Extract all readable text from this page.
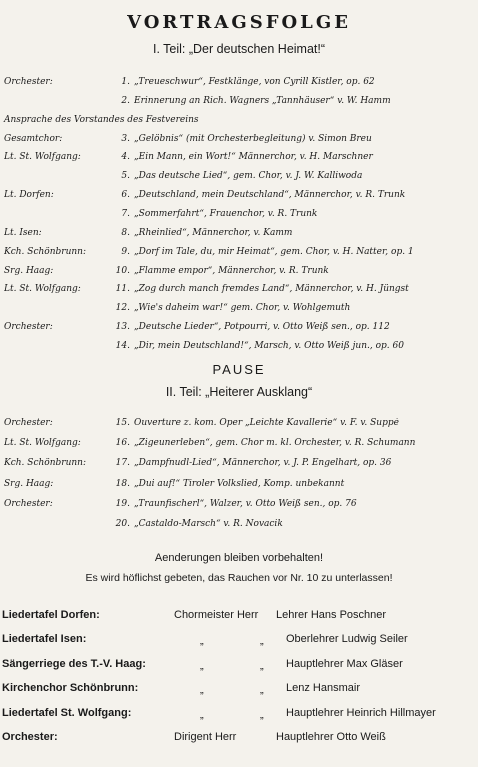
VORTRAGSFOLGE
I. Teil: „Der deutschen Heimat!“
Orchester:	1. „Treueschwur“, Festklänge, von Cyrill Kistler, op. 62
2. Erinnerung an Rich. Wagners „Tannhäuser“ v. W. Hamm
Ansprache des Vorstandes des Festvereins
Gesamtchor:	3. „Gelöbnis“ (mit Orchesterbegleitung) v. Simon Breu
Lt. St. Wolfgang:	4. „Ein Mann, ein Wort!“ Männerchor, v. H. Marschner
5. „Das deutsche Lied“, gem. Chor, v. J. W. Kalliwoda
Lt. Dorfen:	6. „Deutschland, mein Deutschland“, Männerchor, v. R. Trunk
7. „Sommerfahrt“, Frauenchor, v. R. Trunk
Lt. Isen:	8. „Rheinlied“, Männerchor, v. Kamm
Kch. Schönbrunn:	9. „Dorf im Tale, du, mir Heimat“, gem. Chor, v. H. Natter, op. 1
Srg. Haag:	10. „Flamme empor“, Männerchor, v. R. Trunk
Lt. St. Wolfgang:	11. „Zog durch manch fremdes Land“, Männerchor, v. H. Jüngst
12. „Wie's daheim war!“ gem. Chor, v. Wohlgemuth
Orchester:	13. „Deutsche Lieder“, Potpourri, v. Otto Weiß sen., op. 112
14. „Dir, mein Deutschland!“, Marsch, v. Otto Weiß jun., op. 60
PAUSE
II. Teil: „Heiterer Ausklang“
Orchester:	15. Ouverture z. kom. Oper „Leichte Kavallerie“ v. F. v. Suppé
Lt. St. Wolfgang:	16. „Zigeunerleben“, gem. Chor m. kl. Orchester, v. R. Schumann
Kch. Schönbrunn:	17. „Dampfnudl-Lied“, Männerchor, v. J. P. Engelhart, op. 36
Srg. Haag:	18. „Dui auf!“ Tiroler Volkslied, Komp. unbekannt
Orchester:	19. „Traunfischerl“, Walzer, v. Otto Weiß sen., op. 76
20. „Castaldo-Marsch“ v. R. Novacik
Aenderungen bleiben vorbehalten!
Es wird höflichst gebeten, das Rauchen vor Nr. 10 zu unterlassen!
Liedertafel Dorfen:	Chormeister Herr Lehrer Hans Poschner
Liedertafel Isen:	„	„ Oberlehrer Ludwig Seiler
Sängerriege des T.-V. Haag:	„	„ Hauptlehrer Max Gläser
Kirchenchor Schönbrunn:	„	„ Lenz Hansmair
Liedertafel St. Wolfgang:	„	„ Hauptlehrer Heinrich Hillmayer
Orchester:	Dirigent Herr	Hauptlehrer Otto Weiß
